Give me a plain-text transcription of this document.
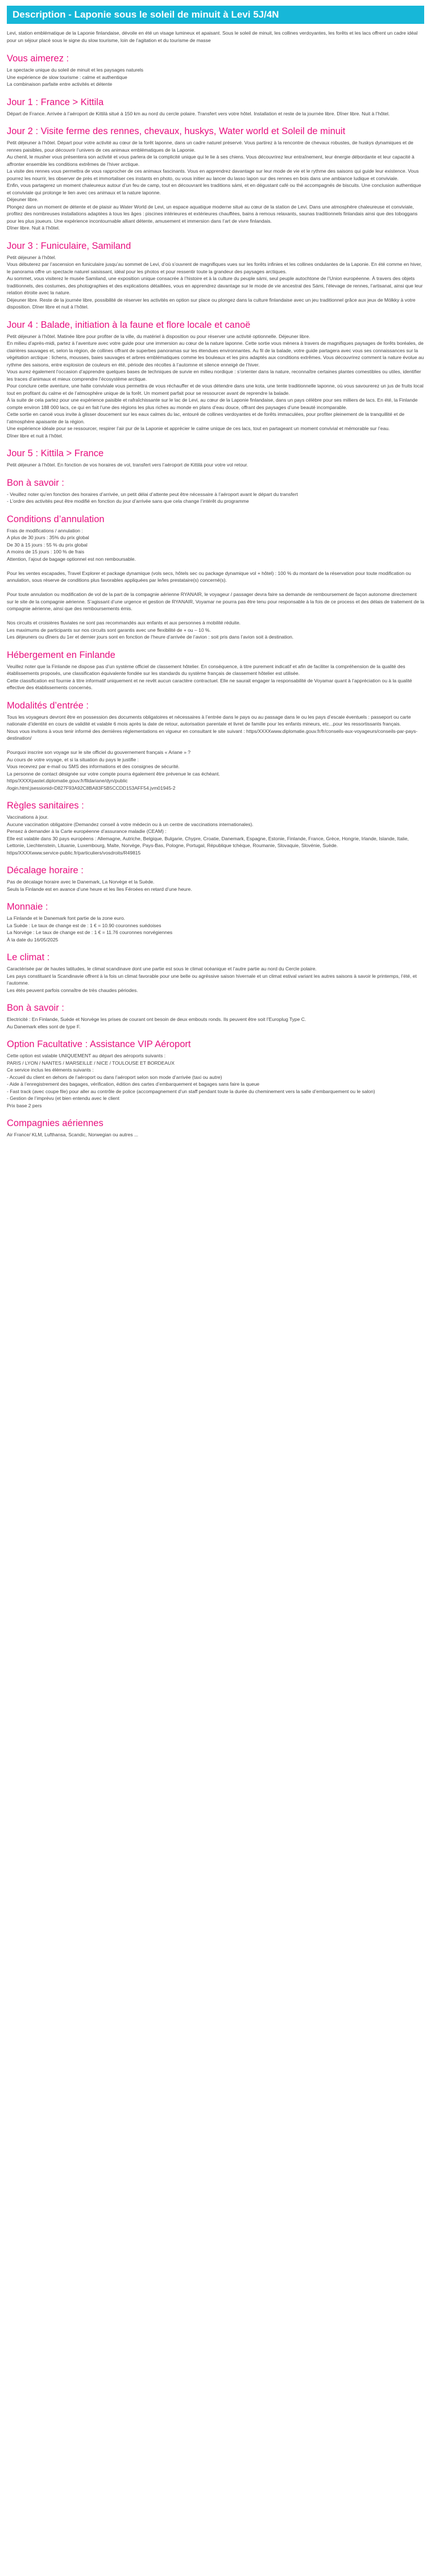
Description - Laponie sous le soleil de minuit à Levi 5J/4N

Levi, station emblématique de la Laponie finlandaise, dévoile en été un visage lumineux et apaisant. Sous le soleil de minuit, les collines verdoyantes, les forêts et les lacs offrent un cadre idéal pour un séjour placé sous le signe du slow tourisme, loin de l’agitation et du tourisme de masse

Vous aimerez :

Le spectacle unique du soleil de minuit et les paysages naturels

Une expérience de slow tourisme : calme et authentique

La combinaison parfaite entre activités et détente

Jour 1 : France > Kittila

Départ de France. Arrivée à l’aéroport de Kittilä situé à 150 km au nord du cercle polaire. Transfert vers votre hôtel. Installation et reste de la journée libre. Dîner libre. Nuit à l’hôtel.

Jour 2 : Visite ferme des rennes, chevaux, huskys, Water world et Soleil de minuit

Petit déjeuner à l’hôtel. Départ pour votre activité au cœur de la forêt laponne, dans un cadre naturel préservé. Vous partirez à la rencontre de chevaux robustes, de huskys dynamiques et de rennes paisibles, pour découvrir l’univers de ces animaux emblématiques de la Laponie.

Au chenil, le musher vous présentera son activité et vous parlera de la complicité unique qui le lie à ses chiens. Vous découvrirez leur entraînement, leur énergie débordante et leur capacité à affronter ensemble les conditions extrêmes de l’hiver arctique.

La visite des rennes vous permettra de vous rapprocher de ces animaux fascinants. Vous en apprendrez davantage sur leur mode de vie et le rythme des saisons qui guide leur existence. Vous pourrez les nourrir, les observer de près et immortaliser ces instants en photo, ou vous initier au lancer du lasso lapon sur des rennes en bois dans une ambiance ludique et conviviale.

Enfin, vous partagerez un moment chaleureux autour d’un feu de camp, tout en découvrant les traditions sámi, et en dégustant café ou thé accompagnés de biscuits. Une conclusion authentique et conviviale qui prolonge le lien avec ces animaux et la nature laponne.

Déjeuner libre.

Plongez dans un moment de détente et de plaisir au Water World de Levi, un espace aquatique moderne situé au cœur de la station de Levi. Dans une atmosphère chaleureuse et conviviale, profitez des nombreuses installations adaptées à tous les âges : piscines intérieures et extérieures chauffées, bains à remous relaxants, saunas traditionnels finlandais ainsi que des toboggans pour les plus joueurs. Une expérience incontournable alliant détente, amusement et immersion dans l’art de vivre finlandais.

Dîner libre. Nuit à l’hôtel.

Jour 3 : Funiculaire, Samiland

Petit déjeuner à l’hôtel.

Vous débuterez par l’ascension en funiculaire jusqu’au sommet de Levi, d’où s’ouvrent de magnifiques vues sur les forêts infinies et les collines ondulantes de la Laponie. En été comme en hiver, le panorama offre un spectacle naturel saisissant, idéal pour les photos et pour ressentir toute la grandeur des paysages arctiques.

Au sommet, vous visiterez le musée Samiland, une exposition unique consacrée à l’histoire et à la culture du peuple sámi, seul peuple autochtone de l’Union européenne. À travers des objets traditionnels, des costumes, des photographies et des explications détaillées, vous en apprendrez davantage sur le mode de vie ancestral des Sámi, l’élevage de rennes, l’artisanat, ainsi que leur relation étroite avec la nature.

Déjeuner libre. Reste de la journée libre, possibilité de réserver les activités en option sur place ou plongez dans la culture finlandaise avec un jeu traditionnel grâce aux jeux de Mölkky à votre disposition. Dîner libre et nuit à l’hôtel.

Jour 4 : Balade, initiation à la faune et flore locale et canoë

Petit déjeuner à l’hôtel. Matinée libre pour profiter de la ville, du matériel à disposition ou pour réserver une activité optionnelle. Déjeuner libre.

En milieu d’après-midi, partez à l’aventure avec votre guide pour une immersion au cœur de la nature laponne. Cette sortie vous mènera à travers de magnifiques paysages de forêts boréales, de clairières sauvages et, selon la région, de collines offrant de superbes panoramas sur les étendues environnantes. Au fil de la balade, votre guide partagera avec vous ses connaissances sur la végétation arctique : lichens, mousses, baies sauvages et arbres emblématiques comme les bouleaux et les pins adaptés aux conditions extrêmes. Vous découvrirez comment la nature évolue au rythme des saisons, entre explosion de couleurs en été, période des récoltes à l’automne et silence enneigé de l’hiver.

Vous aurez également l’occasion d’apprendre quelques bases de techniques de survie en milieu nordique : s’orienter dans la nature, reconnaître certaines plantes comestibles ou utiles, identifier les traces d’animaux et mieux comprendre l’écosystème arctique.

Pour conclure cette aventure, une halte conviviale vous permettra de vous réchauffer et de vous détendre dans une kota, une tente traditionnelle laponne, où vous savourerez un jus de fruits local tout en profitant du calme et de l’atmosphère unique de la forêt. Un moment parfait pour se ressourcer avant de reprendre la balade.

À la suite de cela partez pour une expérience paisible et rafraîchissante sur le lac de Levi, au cœur de la Laponie finlandaise, dans un pays célèbre pour ses milliers de lacs. En été, la Finlande compte environ 188 000 lacs, ce qui en fait l’une des régions les plus riches au monde en plans d’eau douce, offrant des paysages d’une beauté incomparable.

Cette sortie en canoë vous invite à glisser doucement sur les eaux calmes du lac, entouré de collines verdoyantes et de forêts immaculées, pour profiter pleinement de la tranquillité et de l’atmosphère apaisante de la région.

Une expérience idéale pour se ressourcer, respirer l’air pur de la Laponie et apprécier le calme unique de ces lacs, tout en partageant un moment convivial et mémorable sur l’eau.

Dîner libre et nuit à l’hôtel.

Jour 5 : Kittila > France

Petit déjeuner à l’hôtel. En fonction de vos horaires de vol, transfert vers l’aéroport de Kittilä pour votre vol retour.

Bon à savoir :

- Veuillez noter qu’en fonction des horaires d’arrivée, un petit délai d’attente peut être nécessaire à l’aéroport avant le départ du transfert

- L’ordre des activités peut être modifié en fonction du jour d’arrivée sans que cela change l’intérêt du programme

Conditions d’annulation

Frais de modifications / annulation :

A plus de 30 jours : 35% du prix global

De 30 à 15 jours : 55 % du prix global

A moins de 15 jours : 100 % de frais

Attention, l’ajout de bagage optionnel est non remboursable.

Pour les ventes escapades, Travel Explorer et package dynamique (vols secs, hôtels sec ou package dynamique vol + hôtel) : 100 % du montant de la réservation pour toute modification ou annulation, sous réserve de conditions plus favorables appliquées par le/les prestataire(s) concerné(s).

Pour toute annulation ou modification de vol de la part de la compagnie aérienne RYANAIR, le voyageur / passager devra faire sa demande de remboursement de façon autonome directement sur le site de la compagnie aérienne. S’agissant d’une urgence et gestion de RYANAIR, Voyamar ne pourra pas être tenu pour responsable à la fois de ce process et des délais de traitement de la compagnie aérienne, ainsi que des remboursements émis.

Nos circuits et croisières fluviales ne sont pas recommandés aux enfants et aux personnes à mobilité réduite.

Les maximums de participants sur nos circuits sont garantis avec une flexibilité de + ou – 10 %.

Les déjeuners ou dîners du 1er et dernier jours sont en fonction de l’heure d’arrivée de l’avion : soit pris dans l’avion soit à destination.

Hébergement en Finlande

Veuillez noter que la Finlande ne dispose pas d’un système officiel de classement hôtelier. En conséquence, à titre purement indicatif et afin de faciliter la compréhension de la qualité des établissements proposés, une classification équivalente fondée sur les standards du système français de classement hôtelier est utilisée.

Cette classification est fournie à titre informatif uniquement et ne revêt aucun caractère contractuel. Elle ne saurait engager la responsabilité de Voyamar quant à l’appréciation ou à la qualité effective des établissements concernés.

Modalités d’entrée :

Tous les voyageurs devront être en possession des documents obligatoires et nécessaires à l’entrée dans le pays ou au passage dans le ou les pays d’escale éventuels : passeport ou carte nationale d’identité en cours de validité et valable 6 mois après la date de retour, autorisation parentale et livret de famille pour les enfants mineurs, etc...pour les ressortissants français.

Nous vous invitons à vous tenir informé des dernières réglementations en vigueur en consultant le site suivant : https/XXXXwww.diplomatie.gouv.fr/fr/conseils-aux-voyageurs/conseils-par-pays-destination/

Pourquoi inscrire son voyage sur le site officiel du gouvernement français « Ariane » ?

Au cours de votre voyage, et si la situation du pays le justifie :

Vous recevrez par e-mail ou SMS des informations et des consignes de sécurité.

La personne de contact désignée sur votre compte pourra également être prévenue le cas échéant.

https/XXXXpastel.diplomatie.gouv.fr/fildariane/dyn/public

/login.html;jsessionid=D827F93A92C8BA83F5B5CCDD153AFF54.jvm01945-2

Règles sanitaires :

Vaccinations à jour.

Aucune vaccination obligatoire (Demandez conseil à votre médecin ou à un centre de vaccinations internationales).

Pensez à demander à la Carte européenne d’assurance maladie (CEAM) :

Elle est valable dans 30 pays européens : Allemagne, Autriche, Belgique, Bulgarie, Chypre, Croatie, Danemark, Espagne, Estonie, Finlande, France, Grèce, Hongrie, Irlande, Islande, Italie, Lettonie, Liechtenstein, Lituanie, Luxembourg, Malte, Norvège, Pays-Bas, Pologne, Portugal, République tchèque, Roumanie, Slovaquie, Slovénie, Suède.

https/XXXXwww.service-public.fr/particuliers/vosdroits/R49815

Décalage horaire :

Pas de décalage horaire avec le Danemark, La Norvège et la Suède.

Seuls la Finlande est en avance d’une heure et les îles Féroées en retard d’une heure.

Monnaie :

La Finlande et le Danemark font partie de la zone euro.

La Suède : Le taux de change est de : 1 € = 10.90 couronnes suédoises

La Norvège : Le taux de change est de : 1 € = 11.76 couronnes norvégiennes

À la date du 16/05/2025

Le climat :

Caractérisée par de hautes latitudes, le climat scandinave dont une partie est sous le climat océanique et l’autre partie au nord du Cercle polaire.

Les pays constituant la Scandinavie offrent à la fois un climat favorable pour une belle ou agréssive saison hivernale et un climat estival variant les autres saisons à savoir le printemps, l’été, et l’automne.

Les étés peuvent parfois connaître de très chaudes périodes.

Bon à savoir :

Electricité : En Finlande, Suède et Norvège les prises de courant ont besoin de deux embouts ronds. Ils peuvent être soit l’Europlug Type C.

Au Danemark elles sont de type F.

Option Facultative : Assistance VIP Aéroport

Cette option est valable UNIQUEMENT au départ des aéroports suivants :

PARIS / LYON / NANTES / MARSEILLE / NICE / TOULOUSE ET BORDEAUX

Ce service inclus les éléments suivants :

- Accueil du client en dehors de l’aéroport ou dans l’aéroport selon son mode d’arrivée (taxi ou autre)

- Aide à l’enregistrement des bagages, vérification, édition des cartes d’embarquement et bagages sans faire la queue

- Fast track (avec coupe file) pour aller au contrôle de police (accompagnement d’un staff pendant toute la durée du cheminement vers la salle d’embarquement ou le salon)

- Gestion de l’imprévu (et bien entendu avec le client

Prix base 2 pers

Compagnies aériennes

Air France/ KLM, Lufthansa, Scandic, Norwegian ou autres ...
